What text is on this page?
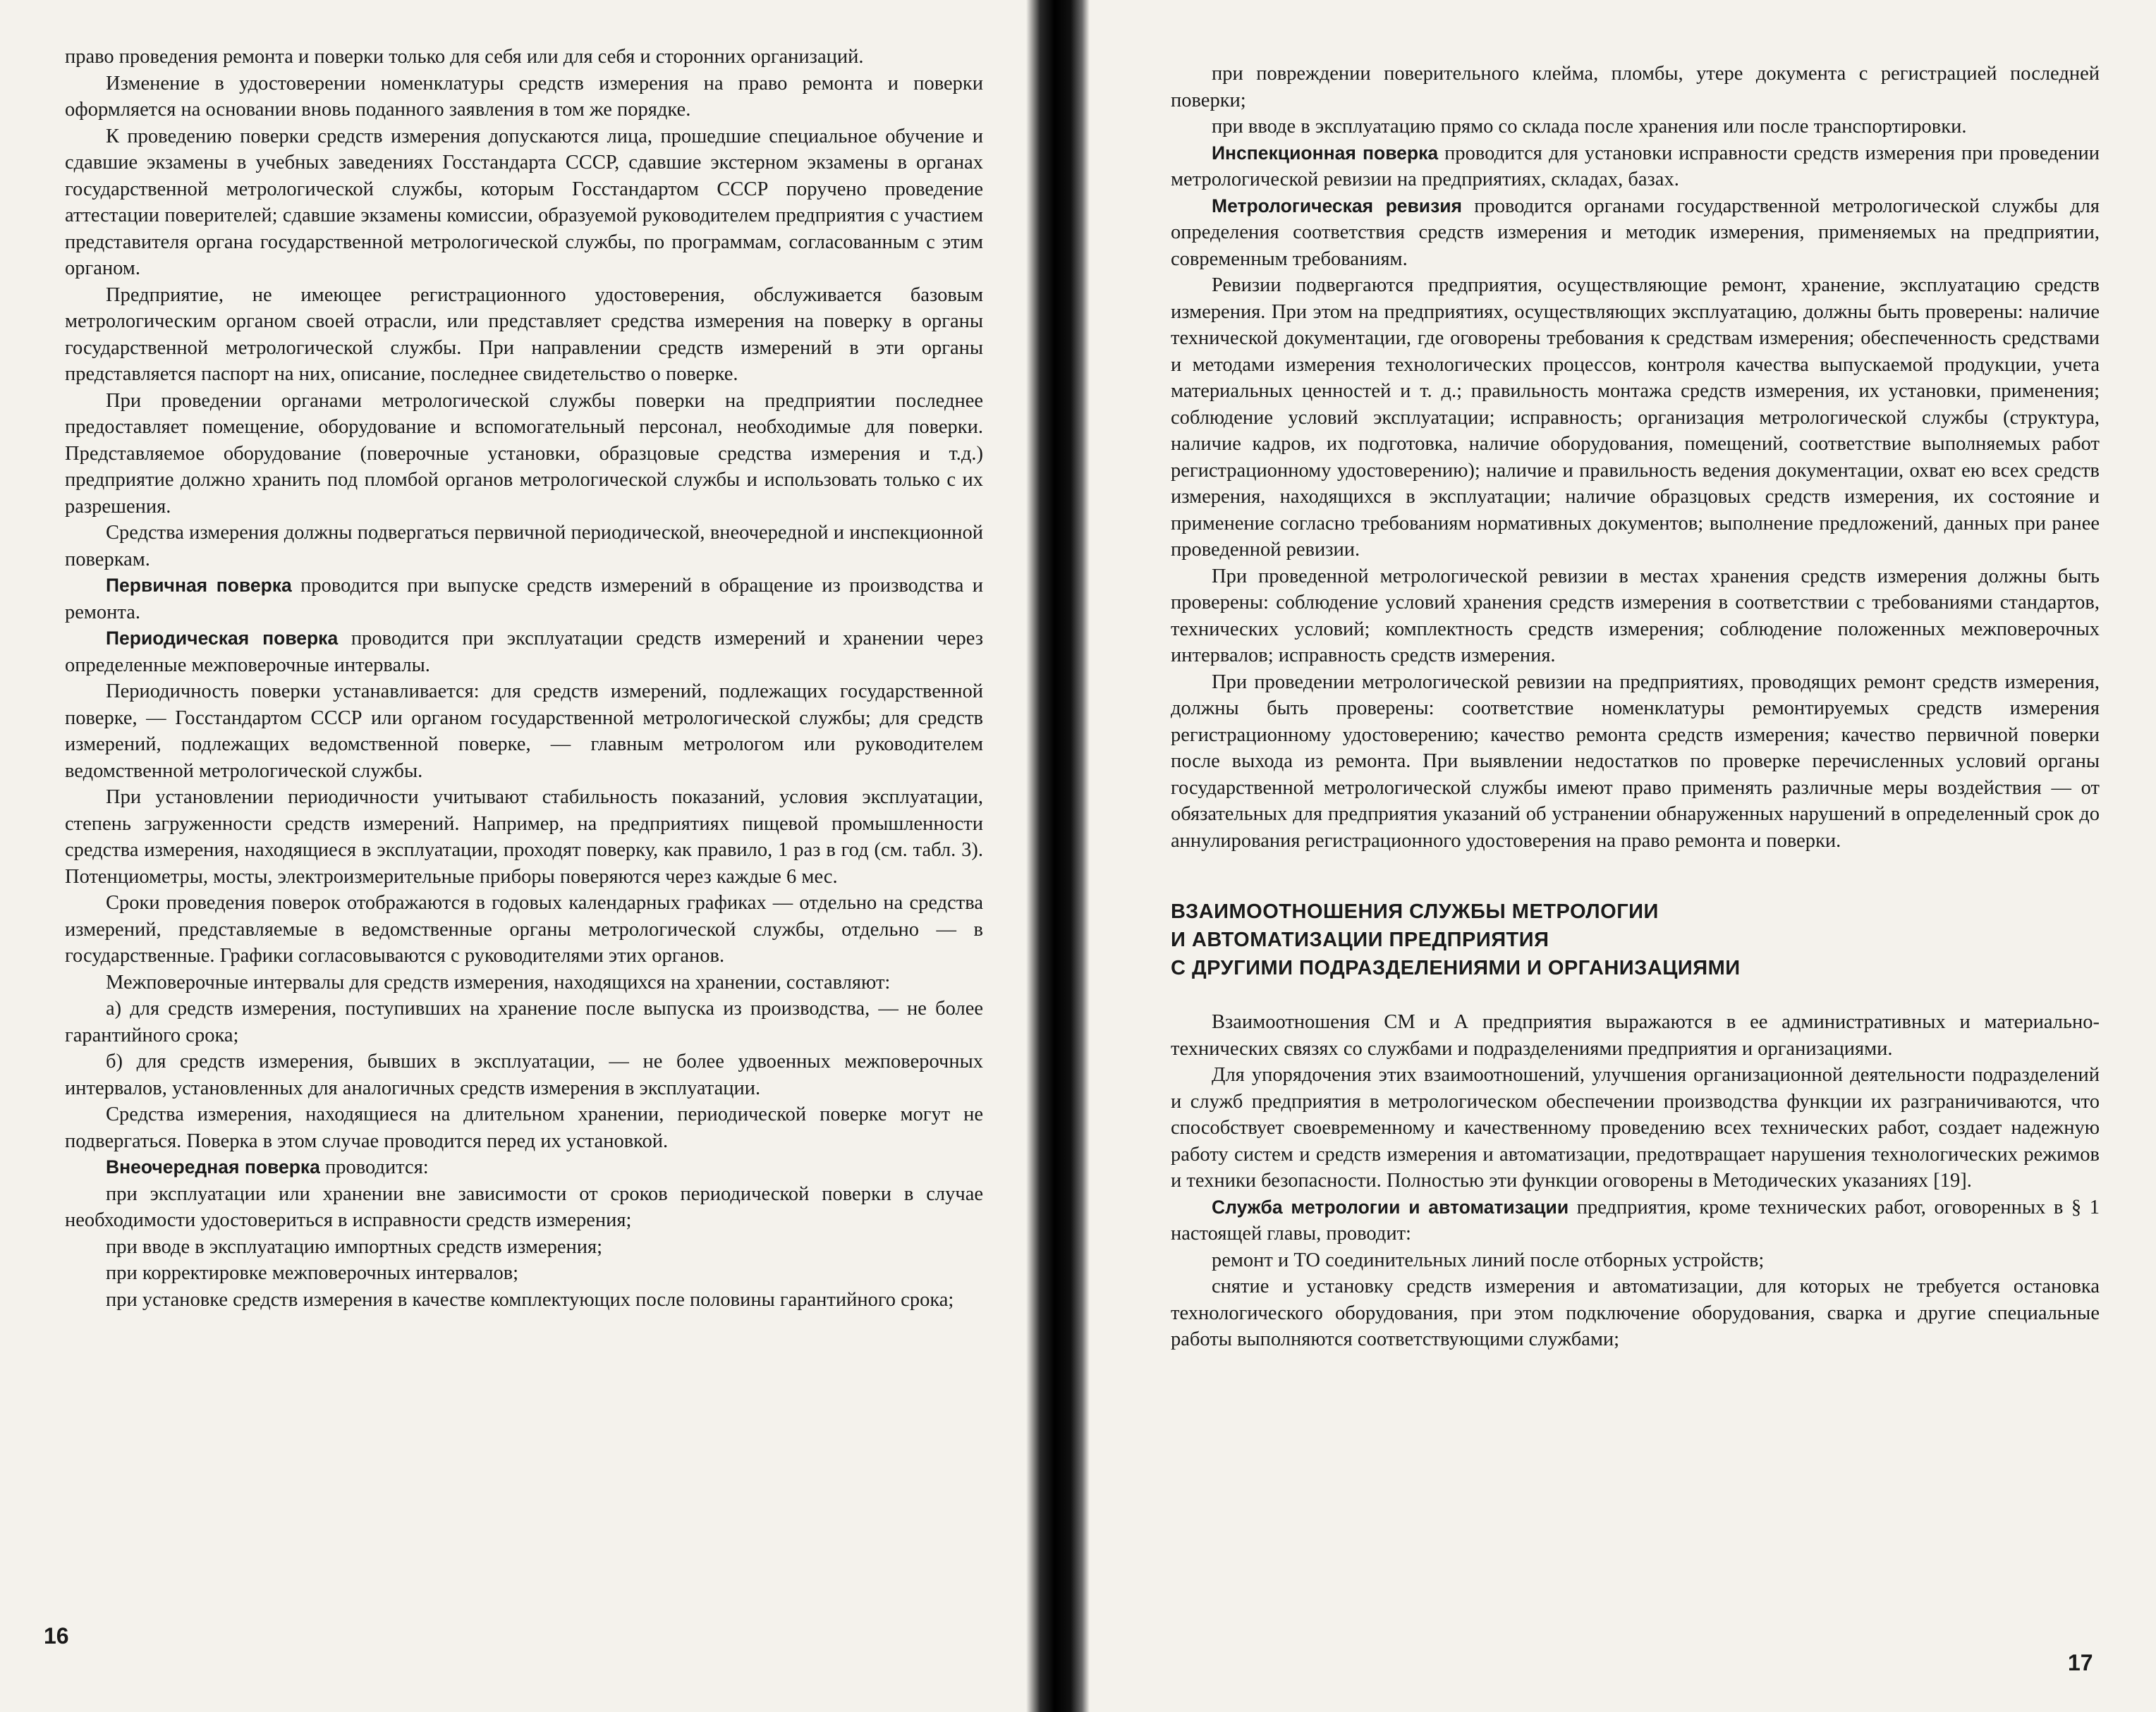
право проведения ремонта и поверки только для себя или для себя и сторонних организаций.

Изменение в удостоверении номенклатуры средств измерения на право ремонта и поверки оформляется на основании вновь поданного заявления в том же порядке.

К проведению поверки средств измерения допускаются лица, прошедшие специальное обучение и сдавшие экзамены в учебных заведениях Госстандарта СССР, сдавшие экстерном экзамены в органах государственной метрологической службы, которым Госстандартом СССР поручено проведение аттестации поверителей; сдавшие экзамены комиссии, образуемой руководителем предприятия с участием представителя органа государственной метрологической службы, по программам, согласованным с этим органом.

Предприятие, не имеющее регистрационного удостоверения, обслуживается базовым метрологическим органом своей отрасли, или представляет средства измерения на поверку в органы государственной метрологической службы. При направлении средств измерений в эти органы представляется паспорт на них, описание, последнее свидетельство о поверке.

При проведении органами метрологической службы поверки на предприятии последнее предоставляет помещение, оборудование и вспомогательный персонал, необходимые для поверки. Представляемое оборудование (поверочные установки, образцовые средства измерения и т.д.) предприятие должно хранить под пломбой органов метрологической службы и использовать только с их разрешения.

Средства измерения должны подвергаться первичной периодической, внеочередной и инспекционной поверкам.

Первичная поверка проводится при выпуске средств измерений в обращение из производства и ремонта.

Периодическая поверка проводится при эксплуатации средств измерений и хранении через определенные межповерочные интервалы.

Периодичность поверки устанавливается: для средств измерений, подлежащих государственной поверке, — Госстандартом СССР или органом государственной метрологической службы; для средств измерений, подлежащих ведомственной поверке, — главным метрологом или руководителем ведомственной метрологической службы.

При установлении периодичности учитывают стабильность показаний, условия эксплуатации, степень загруженности средств измерений. Например, на предприятиях пищевой промышленности средства измерения, находящиеся в эксплуатации, проходят поверку, как правило, 1 раз в год (см. табл. 3). Потенциометры, мосты, электроизмерительные приборы поверяются через каждые 6 мес.

Сроки проведения поверок отображаются в годовых календарных графиках — отдельно на средства измерений, представляемые в ведомственные органы метрологической службы, отдельно — в государственные. Графики согласовываются с руководителями этих органов.

Межповерочные интервалы для средств измерения, находящихся на хранении, составляют:

а) для средств измерения, поступивших на хранение после выпуска из производства, — не более гарантийного срока;

б) для средств измерения, бывших в эксплуатации, — не более удвоенных межповерочных интервалов, установленных для аналогичных средств измерения в эксплуатации.

Средства измерения, находящиеся на длительном хранении, периодической поверке могут не подвергаться. Поверка в этом случае проводится перед их установкой.

Внеочередная поверка проводится:

при эксплуатации или хранении вне зависимости от сроков периодической поверки в случае необходимости удостовериться в исправности средств измерения;

при вводе в эксплуатацию импортных средств измерения;

при корректировке межповерочных интервалов;

при установке средств измерения в качестве комплектующих после половины гарантийного срока;

при повреждении поверительного клейма, пломбы, утере документа с регистрацией последней поверки;

при вводе в эксплуатацию прямо со склада после хранения или после транспортировки.

Инспекционная поверка проводится для установки исправности средств измерения при проведении метрологической ревизии на предприятиях, складах, базах.

Метрологическая ревизия проводится органами государственной метрологической службы для определения соответствия средств измерения и методик измерения, применяемых на предприятии, современным требованиям.

Ревизии подвергаются предприятия, осуществляющие ремонт, хранение, эксплуатацию средств измерения. При этом на предприятиях, осуществляющих эксплуатацию, должны быть проверены: наличие технической документации, где оговорены требования к средствам измерения; обеспеченность средствами и методами измерения технологических процессов, контроля качества выпускаемой продукции, учета материальных ценностей и т. д.; правильность монтажа средств измерения, их установки, применения; соблюдение условий эксплуатации; исправность; организация метрологической службы (структура, наличие кадров, их подготовка, наличие оборудования, помещений, соответствие выполняемых работ регистрационному удостоверению); наличие и правильность ведения документации, охват ею всех средств измерения, находящихся в эксплуатации; наличие образцовых средств измерения, их состояние и применение согласно требованиям нормативных документов; выполнение предложений, данных при ранее проведенной ревизии.

При проведенной метрологической ревизии в местах хранения средств измерения должны быть проверены: соблюдение условий хранения средств измерения в соответствии с требованиями стандартов, технических условий; комплектность средств измерения; соблюдение положенных межповерочных интервалов; исправность средств измерения.

При проведении метрологической ревизии на предприятиях, проводящих ремонт средств измерения, должны быть проверены: соответствие номенклатуры ремонтируемых средств измерения регистрационному удостоверению; качество ремонта средств измерения; качество первичной поверки после выхода из ремонта. При выявлении недостатков по проверке перечисленных условий органы государственной метрологической службы имеют право применять различные меры воздействия — от обязательных для предприятия указаний об устранении обнаруженных нарушений в определенный срок до аннулирования регистрационного удостоверения на право ремонта и поверки.

ВЗАИМООТНОШЕНИЯ СЛУЖБЫ МЕТРОЛОГИИ
И АВТОМАТИЗАЦИИ ПРЕДПРИЯТИЯ
С ДРУГИМИ ПОДРАЗДЕЛЕНИЯМИ И ОРГАНИЗАЦИЯМИ

Взаимоотношения СМ и А предприятия выражаются в ее административных и материально-технических связях со службами и подразделениями предприятия и организациями.

Для упорядочения этих взаимоотношений, улучшения организационной деятельности подразделений и служб предприятия в метрологическом обеспечении производства функции их разграничиваются, что способствует своевременному и качественному проведению всех технических работ, создает надежную работу систем и средств измерения и автоматизации, предотвращает нарушения технологических режимов и техники безопасности. Полностью эти функции оговорены в Методических указаниях [19].

Служба метрологии и автоматизации предприятия, кроме технических работ, оговоренных в § 1 настоящей главы, проводит:

ремонт и ТО соединительных линий после отборных устройств;

снятие и установку средств измерения и автоматизации, для которых не требуется остановка технологического оборудования, при этом подключение оборудования, сварка и другие специальные работы выполняются соответствующими службами;

16
17
